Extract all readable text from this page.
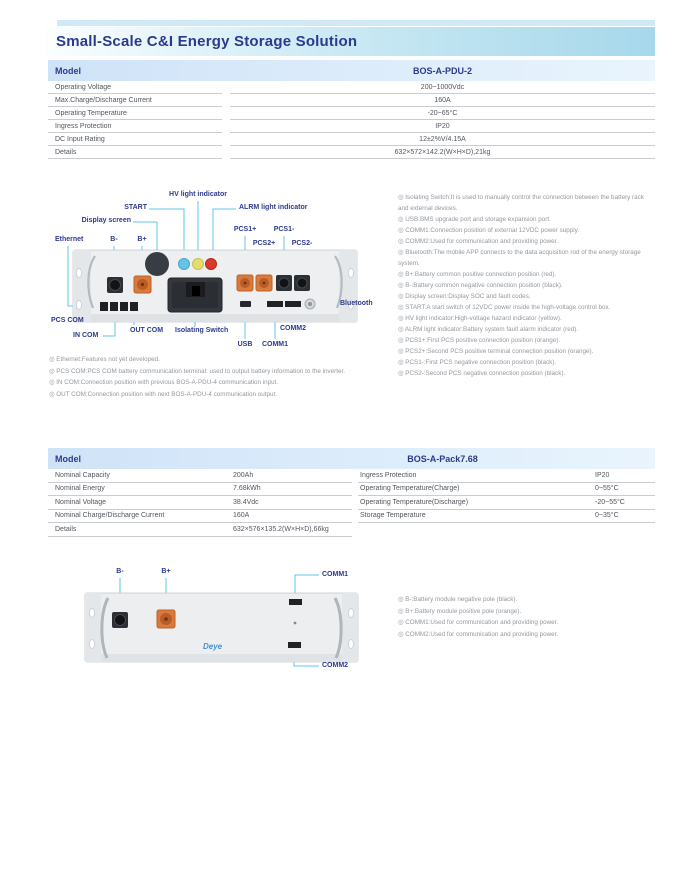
Small-Scale C&I Energy Storage Solution
Model	BOS-A-PDU-2
Operating Voltage	200~1000Vdc
Max.Charge/Discharge Current	160A
Operating Temperature	-20~65°C
Ingress Protection	IP20
DC Input Rating	12±2%V/4.15A
Details	632×572×142.2(W×H×D),21kg
HV light indicator
START	ALRM light indicator
Display screen
Ethernet	B-	B+
PCS1+	PCS1-
PCS2+ PCS2-
PCS COM
IN COM
OUT COM Isolating Switch
USB COMM1
COMM2
Bluetooth

◎ Isolating Switch:It is used to manually control the connection between the battery rack and external devices.

◎ USB:BMS upgrade port and storage expansion port.

◎ COMM1:Connection position of external 12VDC power supply.

◎ COMM2:Used for communication and providing power.

◎ Bluetooth:The mobile APP connects to the data acquisition rod of the energy storage system.

◎ B+:Battery common positive connection position (red).

◎ B-:Battery common negative connection position (black).

◎ Display screen:Display SOC and fault codes.

◎ START:A start switch of 12VDC power inside the high-voltage control box.

◎ HV light indicator:High-voltage hazard indicator (yellow).

◎ ALRM light indicator:Battery system fault alarm indicator (red).

◎ PCS1+:First PCS positive connection position (orange).

◎ PCS2+:Second PCS positive terminal connection position (orange).

◎ PCS1-:First PCS negative connection position (black).

◎ PCS2-:Second PCS negative connection position (black).

◎ Ethernet:Features not yet developed.

◎ PCS COM:PCS COM battery communication terminal: used to output battery information to the inverter.

◎ IN COM:Connection position with previous BOS-A-PDU-4 communication input.

◎ OUT COM:Connection position with next BOS-A-PDU-4 communication output.

Model	BOS-A-Pack7.68
Nominal Capacity	200Ah
Nominal Energy	7.68kWh
Nominal Voltage	38.4Vdc
Nominal Charge/Discharge Current	160A
Details	632×576×135.2(W×H×D),66kg
Ingress Protection	IP20
Operating Temperature(Charge)	0~55°C
Operating Temperature(Discharge)	-20~55°C
Storage Temperature	0~35°C
Deye
B-	B+	COMM1
COMM2

◎ B-:Battery module negative pole (black).

◎ B+:Battery module positive pole (orange).

◎ COMM1:Used for communication and providing power.

◎ COMM2:Used for communication and providing power.
